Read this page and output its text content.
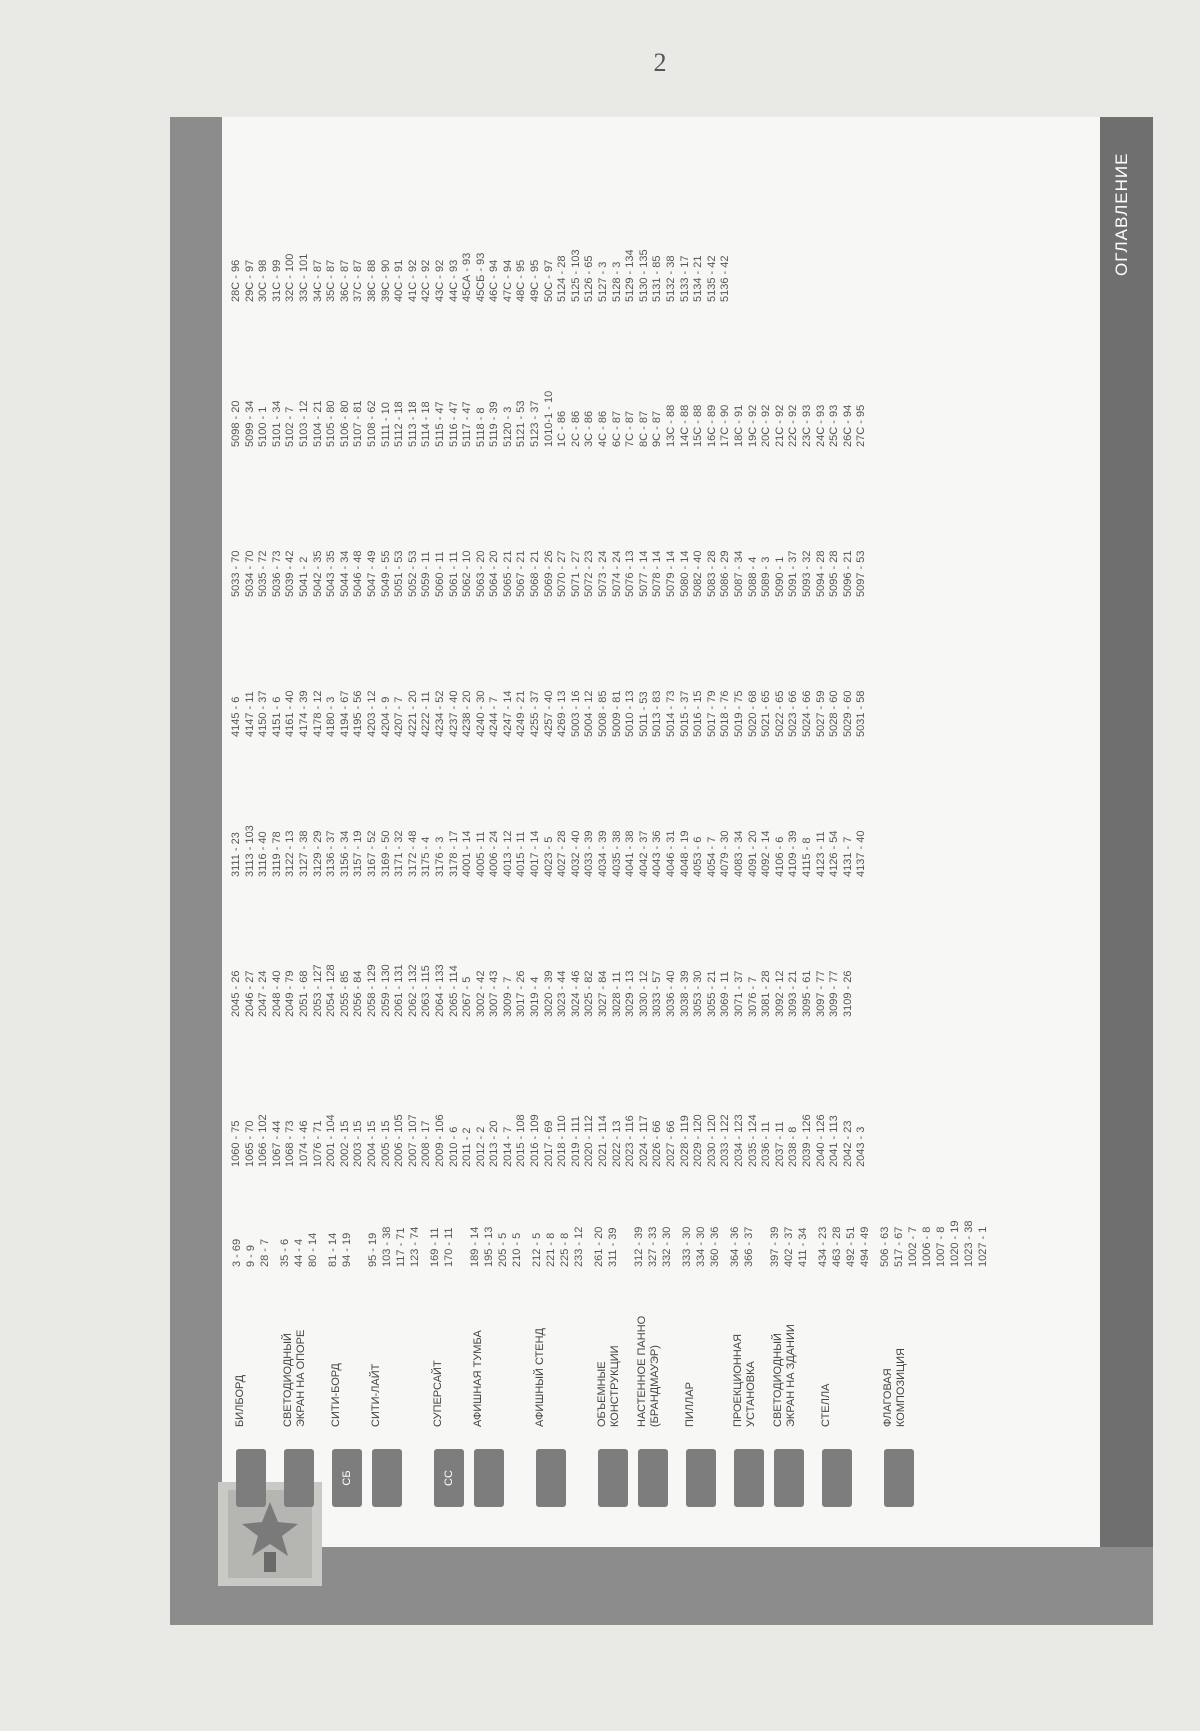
2
БИЛБОРД
3 - 69 9 - 9 28 - 7
СВЕТОДИОДНЫЙ ЭКРАН НА ОПОРЕ
35 - 6 44 - 4 80 - 14
СБ
СИТИ-БОРД
81 - 14 94 - 19
СИТИ-ЛАЙТ
95 - 19 103 - 38 117 - 71 123 - 74
СС
СУПЕРСАЙТ
169 - 11 170 - 11
АФИШНАЯ ТУМБА
189 - 14 195 - 13 205 - 5 210 - 5
АФИШНЫЙ СТЕНД
212 - 5 221 - 8 225 - 8 233 - 12
ОБЪЕМНЫЕ КОНСТРУКЦИИ
261 - 20 311 - 39
НАСТЕННОЕ ПАННО (БРАНДМАУЭР)
312 - 39 327 - 33 332 - 30
ПИЛЛАР
333 - 30 334 - 30 360 - 36
ПРОЕКЦИОННАЯ УСТАНОВКА
364 - 36 366 - 37
СВЕТОДИОДНЫЙ ЭКРАН НА ЗДАНИИ
397 - 39 402 - 37 411 - 34
СТЕЛЛА
434 - 23 463 - 28 492 - 51 494 - 49
ФЛАГОВАЯ КОМПОЗИЦИЯ
506 - 63 517 - 67 1002 - 7 1006 - 8 1007 - 8 1020 - 19 1023 - 38 1027 - 1
1060 - 75 1065 - 70 1066 - 102 1067 - 44 1068 - 73 1074 - 46 1076 - 71 2001 - 104 2002 - 15 2003 - 15 2004 - 15 2005 - 15 2006 - 105 2007 - 107 2008 - 17 2009 - 106 2010 - 6 2011 - 2 2012 - 2 2013 - 20 2014 - 7 2015 - 108 2016 - 109 2017 - 69 2018 - 110 2019 - 111 2020 - 112 2021 - 114 2022 - 13 2023 - 116 2024 - 117 2026 - 66 2027 - 66 2028 - 119 2029 - 120 2030 - 120 2033 - 122 2034 - 123 2035 - 124 2036 - 11 2037 - 11 2038 - 8 2039 - 126 2040 - 126 2041 - 113 2042 - 23 2043 - 3
2045 - 26 2046 - 27 2047 - 24 2048 - 40 2049 - 79 2051 - 68 2053 - 127 2054 - 128 2055 - 85 2056 - 84 2058 - 129 2059 - 130 2061 - 131 2062 - 132 2063 - 115 2064 - 133 2065 - 114 2067 - 5 3002 - 42 3007 - 43 3009 - 7 3017 - 26 3019 - 4 3020 - 39 3023 - 44 3024 - 46 3025 - 82 3027 - 84 3028 - 11 3029 - 13 3030 - 12 3033 - 57 3036 - 40 3038 - 39 3053 - 30 3055 - 21 3069 - 11 3071 - 37 3076 - 7 3081 - 28 3092 - 12 3093 - 21 3095 - 61 3097 - 77 3099 - 77 3109 - 26
3111 - 23 3113 - 103 3116 - 40 3119 - 78 3122 - 13 3127 - 38 3129 - 29 3136 - 37 3156 - 34 3157 - 19 3167 - 52 3169 - 50 3171 - 32 3172 - 48 3175 - 4 3176 - 3 3178 - 17 4001 - 14 4005 - 11 4006 - 24 4013 - 12 4015 - 11 4017 - 14 4023 - 5 4027 - 28 4032 - 40 4033 - 39 4034 - 39 4035 - 38 4041 - 38 4042 - 37 4043 - 36 4046 - 31 4048 - 19 4053 - 6 4054 - 7 4079 - 30 4083 - 34 4091 - 20 4092 - 14 4106 - 6 4109 - 39 4115 - 8 4123 - 11 4126 - 54 4131 - 7 4137 - 40
4145 - 6 4147 - 11 4150 - 37 4151 - 6 4161 - 40 4174 - 39 4178 - 12 4180 - 3 4194 - 67 4195 - 56 4203 - 12 4204 - 9 4207 - 7 4221 - 20 4222 - 11 4234 - 52 4237 - 40 4238 - 20 4240 - 30 4244 - 7 4247 - 14 4249 - 21 4255 - 37 4257 - 40 4269 - 13 5003 - 16 5004 - 12 5008 - 85 5009 - 81 5010 - 13 5011 - 53 5013 - 83 5014 - 73 5015 - 37 5016 - 15 5017 - 79 5018 - 76 5019 - 75 5020 - 68 5021 - 65 5022 - 65 5023 - 66 5024 - 66 5027 - 59 5028 - 60 5029 - 60 5031 - 58
5033 - 70 5034 - 70 5035 - 72 5036 - 73 5039 - 42 5041 - 2 5042 - 35 5043 - 35 5044 - 34 5046 - 48 5047 - 49 5049 - 55 5051 - 53 5052 - 53 5059 - 11 5060 - 11 5061 - 11 5062 - 10 5063 - 20 5064 - 20 5065 - 21 5067 - 21 5068 - 21 5069 - 26 5070 - 27 5071 - 27 5072 - 23 5073 - 24 5074 - 24 5076 - 13 5077 - 14 5078 - 14 5079 - 14 5080 - 14 5082 - 40 5083 - 28 5086 - 29 5087 - 34 5088 - 4 5089 - 3 5090 - 1 5091 - 37 5093 - 32 5094 - 28 5095 - 28 5096 - 21 5097 - 53
5098 - 20 5099 - 34 5100 - 1 5101 - 34 5102 - 7 5103 - 12 5104 - 21 5105 - 80 5106 - 80 5107 - 81 5108 - 62 5111 - 10 5112 - 18 5113 - 18 5114 - 18 5115 - 47 5116 - 47 5117 - 47 5118 - 8 5119 - 39 5120 - 3 5121 - 53 5123 - 37 1010-1 - 10 1С - 86 2С - 86 3С - 86 4С - 86 6С - 87 7С - 87 8С - 87 9С - 87 13С - 88 14С - 88 15С - 88 16С - 89 17С - 90 18С - 91 19С - 92 20С - 92 21С - 92 22С - 92 23С - 93 24С - 93 25С - 93 26С - 94 27С - 95
28С - 96 29С - 97 30С - 98 31С - 99 32С - 100 33С - 101 34С - 87 35С - 87 36С - 87 37С - 87 38С - 88 39С - 90 40С - 91 41С - 92 42С - 92 43С - 92 44С - 93 45СА - 93 45СБ - 93 46С - 94 47С - 94 48С - 95 49С - 95 50С - 97 5124 - 28 5125 - 103 5126 - 65 5127 - 3 5128 - 3 5129 - 134 5130 - 135 5131 - 85 5132 - 38 5133 - 17 5134 - 21 5135 - 42 5136 - 42
